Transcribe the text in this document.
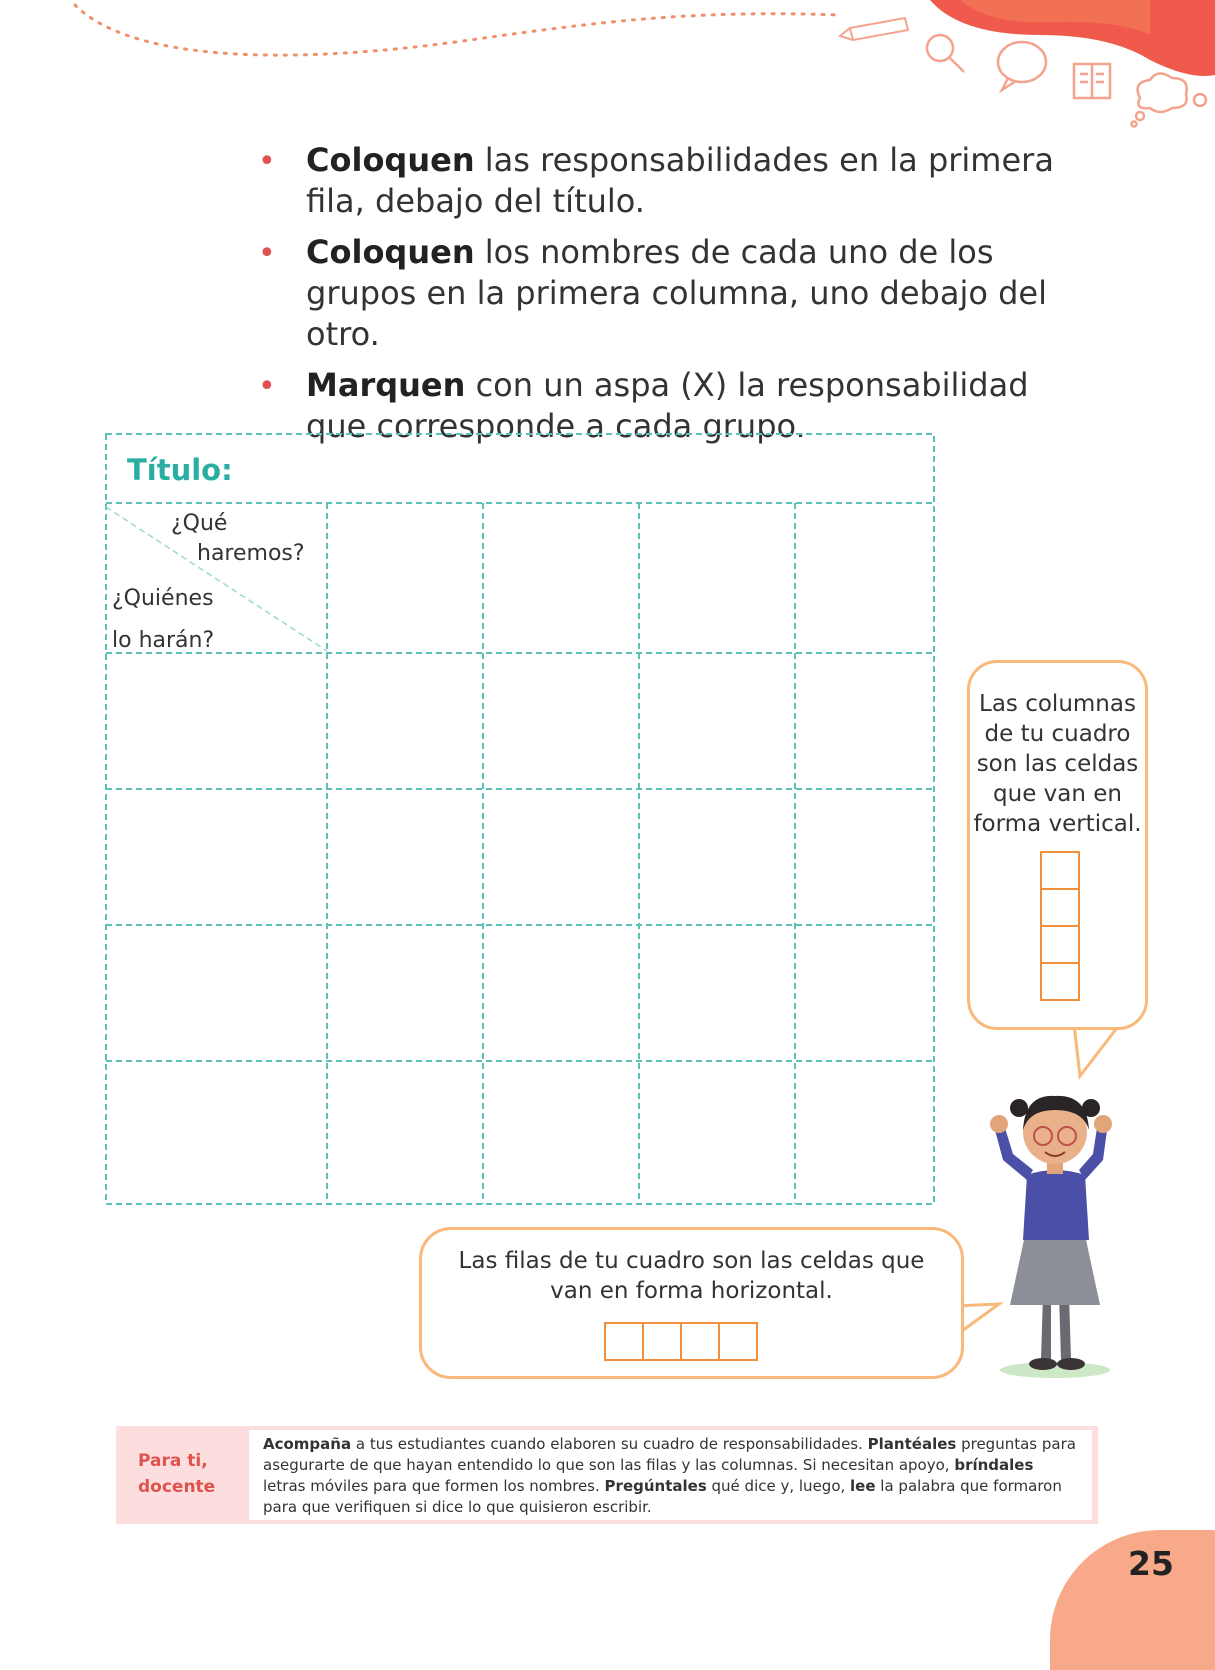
• Coloquen las responsabilidades en la primera fila, debajo del título.
• Coloquen los nombres de cada uno de los grupos en la primera columna, uno debajo del otro.
• Marquen con un aspa (X) la responsabilidad que corresponde a cada grupo.
Título:
¿Qué
haremos?
¿Quiénes
lo harán?
Las columnas
de tu cuadro
son las celdas
que van en
forma vertical.
Las filas de tu cuadro son las celdas que
van en forma horizontal.
Para ti,
docente
Acompaña a tus estudiantes cuando elaboren su cuadro de responsabilidades. Plantéales preguntas para asegurarte de que hayan entendido lo que son las filas y las columnas. Si necesitan apoyo, bríndales letras móviles para que formen los nombres. Pregúntales qué dice y, luego, lee la palabra que formaron para que verifiquen si dice lo que quisieron escribir.
25
